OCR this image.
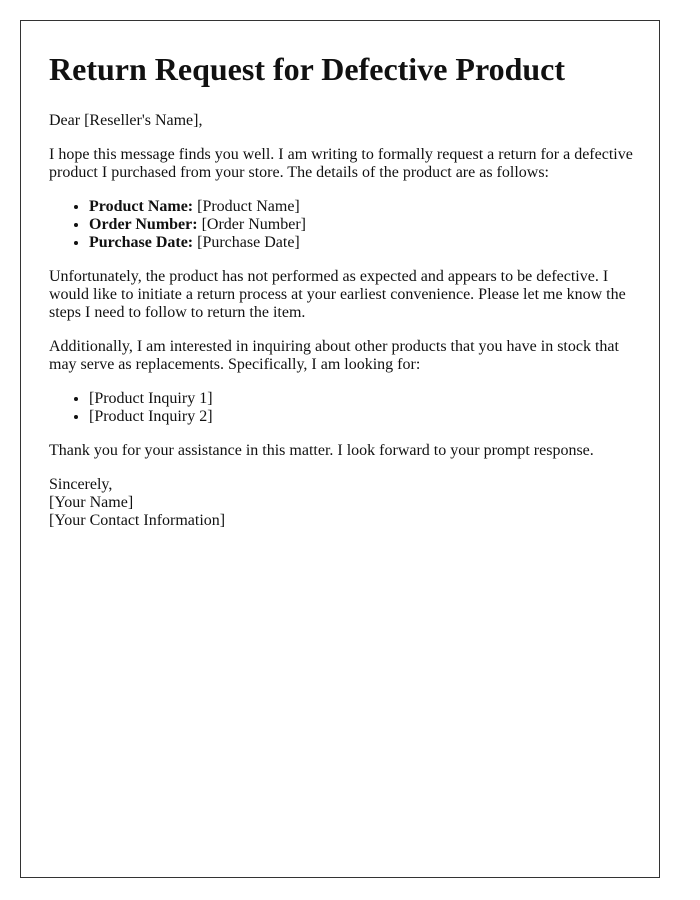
Return Request for Defective Product

Dear [Reseller's Name],

I hope this message finds you well. I am writing to formally request a return for a defective product I purchased from your store. The details of the product are as follows:

• Product Name: [Product Name]
• Order Number: [Order Number]
• Purchase Date: [Purchase Date]

Unfortunately, the product has not performed as expected and appears to be defective. I would like to initiate a return process at your earliest convenience. Please let me know the steps I need to follow to return the item.

Additionally, I am interested in inquiring about other products that you have in stock that may serve as replacements. Specifically, I am looking for:

• [Product Inquiry 1]
• [Product Inquiry 2]

Thank you for your assistance in this matter. I look forward to your prompt response.

Sincerely,

[Your Name]

[Your Contact Information]
